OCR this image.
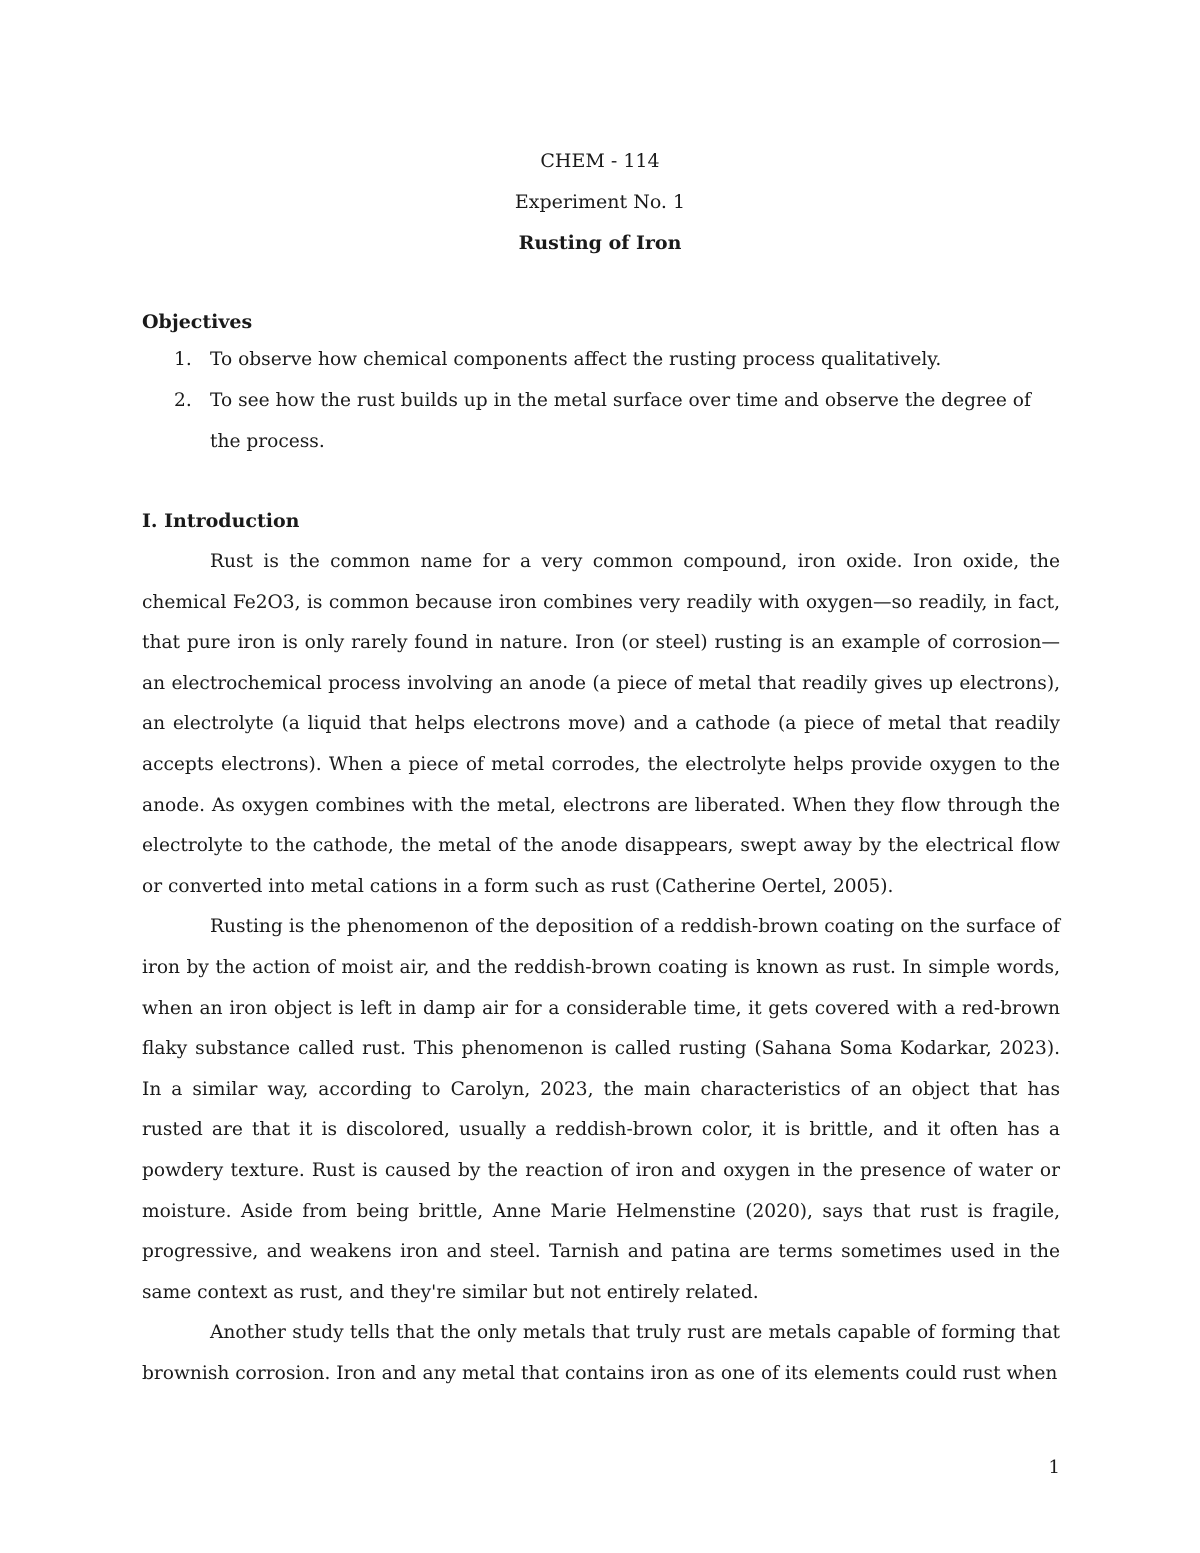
CHEM - 114
Experiment No. 1
Rusting of Iron
Objectives
1. To observe how chemical components affect the rusting process qualitatively.
2. To see how the rust builds up in the metal surface over time and observe the degree of the process.
I. Introduction

Rust is the common name for a very common compound, iron oxide. Iron oxide, the chemical Fe2O3, is common because iron combines very readily with oxygen—so readily, in fact, that pure iron is only rarely found in nature. Iron (or steel) rusting is an example of corrosion—an electrochemical process involving an anode (a piece of metal that readily gives up electrons), an electrolyte (a liquid that helps electrons move) and a cathode (a piece of metal that readily accepts electrons). When a piece of metal corrodes, the electrolyte helps provide oxygen to the anode. As oxygen combines with the metal, electrons are liberated. When they flow through the electrolyte to the cathode, the metal of the anode disappears, swept away by the electrical flow or converted into metal cations in a form such as rust (Catherine Oertel, 2005).

Rusting is the phenomenon of the deposition of a reddish-brown coating on the surface of iron by the action of moist air, and the reddish-brown coating is known as rust. In simple words, when an iron object is left in damp air for a considerable time, it gets covered with a red-brown flaky substance called rust. This phenomenon is called rusting (Sahana Soma Kodarkar, 2023). In a similar way, according to Carolyn, 2023, the main characteristics of an object that has rusted are that it is discolored, usually a reddish-brown color, it is brittle, and it often has a powdery texture. Rust is caused by the reaction of iron and oxygen in the presence of water or moisture. Aside from being brittle, Anne Marie Helmenstine (2020), says that rust is fragile, progressive, and weakens iron and steel. Tarnish and patina are terms sometimes used in the same context as rust, and they're similar but not entirely related.

Another study tells that the only metals that truly rust are metals capable of forming that brownish corrosion. Iron and any metal that contains iron as one of its elements could rust when

1
